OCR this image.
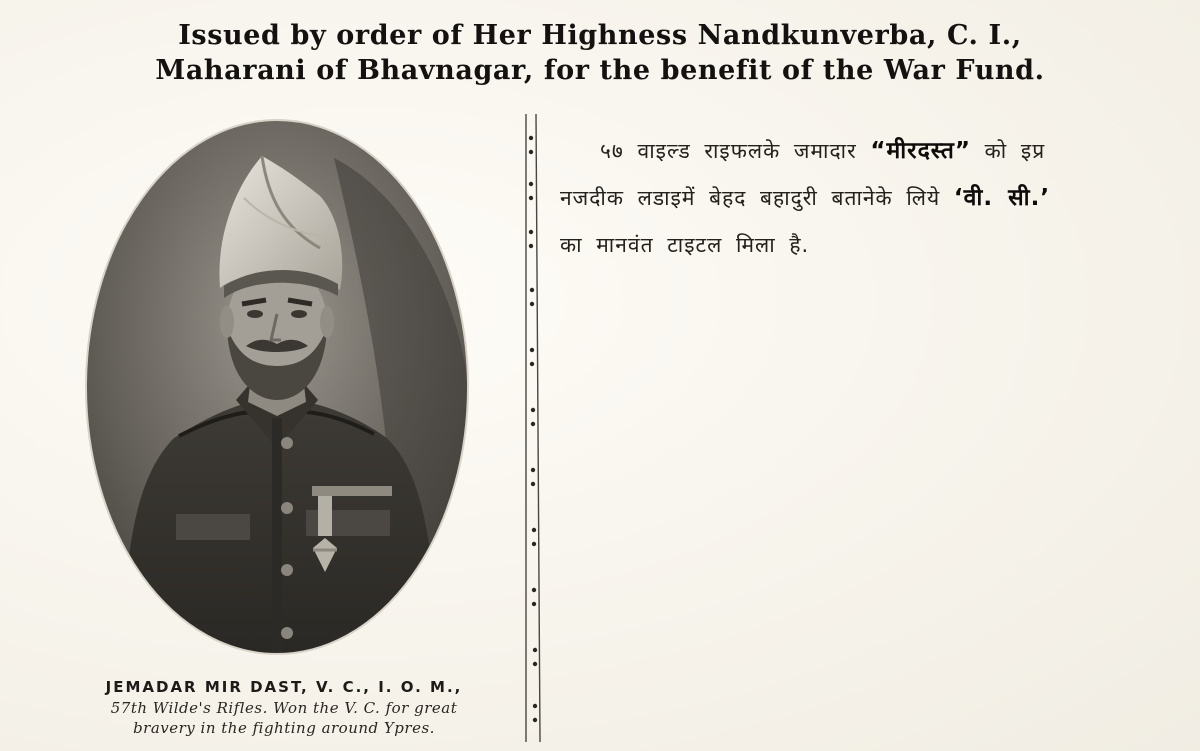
Issued by order of Her Highness Nandkunverba, C. I.,
Maharani of Bhavnagar, for the benefit of the War Fund.
JEMADAR MIR DAST, V. C., I. O. M.,
57th Wilde's Rifles. Won the V. C. for great
bravery in the fighting around Ypres.
५७ वाइल्ड राइफलके जमादार “मीरदस्त” को इप्र
नजदीक लडाइमें बेहद बहादुरी बतानेके लिये ‘वी. सी.’
का मानवंत टाइटल मिला है.
